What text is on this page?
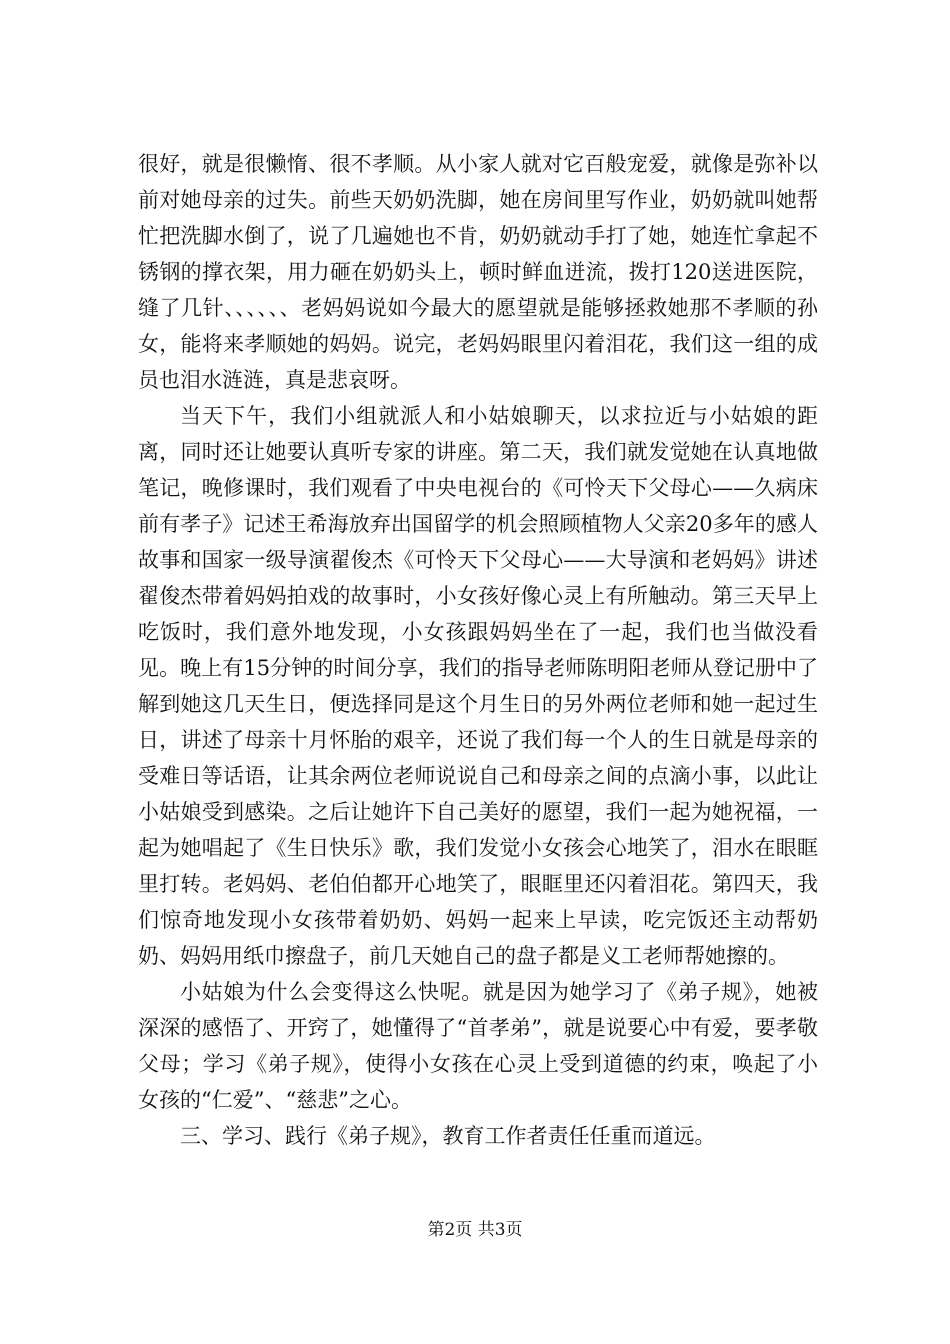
很好，就是很懒惰、很不孝顺。从小家人就对它百般宠爱，就像是弥补以前对她母亲的过失。前些天奶奶洗脚，她在房间里写作业，奶奶就叫她帮忙把洗脚水倒了，说了几遍她也不肯，奶奶就动手打了她，她连忙拿起不锈钢的撑衣架，用力砸在奶奶头上，顿时鲜血迸流，拨打120送进医院，缝了几针、、、、、、老妈妈说如今最大的愿望就是能够拯救她那不孝顺的孙女，能将来孝顺她的妈妈。说完，老妈妈眼里闪着泪花，我们这一组的成员也泪水涟涟，真是悲哀呀。

当天下午，我们小组就派人和小姑娘聊天，以求拉近与小姑娘的距离，同时还让她要认真听专家的讲座。第二天，我们就发觉她在认真地做笔记，晚修课时，我们观看了中央电视台的《可怜天下父母心——久病床前有孝子》记述王希海放弃出国留学的机会照顾植物人父亲20多年的感人故事和国家一级导演翟俊杰《可怜天下父母心——大导演和老妈妈》讲述翟俊杰带着妈妈拍戏的故事时，小女孩好像心灵上有所触动。第三天早上吃饭时，我们意外地发现，小女孩跟妈妈坐在了一起，我们也当做没看见。晚上有15分钟的时间分享，我们的指导老师陈明阳老师从登记册中了解到她这几天生日，便选择同是这个月生日的另外两位老师和她一起过生日，讲述了母亲十月怀胎的艰辛，还说了我们每一个人的生日就是母亲的受难日等话语，让其余两位老师说说自己和母亲之间的点滴小事，以此让小姑娘受到感染。之后让她许下自己美好的愿望，我们一起为她祝福，一起为她唱起了《生日快乐》歌，我们发觉小女孩会心地笑了，泪水在眼眶里打转。老妈妈、老伯伯都开心地笑了，眼眶里还闪着泪花。第四天，我们惊奇地发现小女孩带着奶奶、妈妈一起来上早读，吃完饭还主动帮奶奶、妈妈用纸巾擦盘子，前几天她自己的盘子都是义工老师帮她擦的。

小姑娘为什么会变得这么快呢。就是因为她学习了《弟子规》，她被深深的感悟了、开窍了，她懂得了“首孝弟”，就是说要心中有爱，要孝敬父母；学习《弟子规》，使得小女孩在心灵上受到道德的约束，唤起了小女孩的“仁爱”、“慈悲”之心。

三、学习、践行《弟子规》，教育工作者责任任重而道远。

第2页 共3页
